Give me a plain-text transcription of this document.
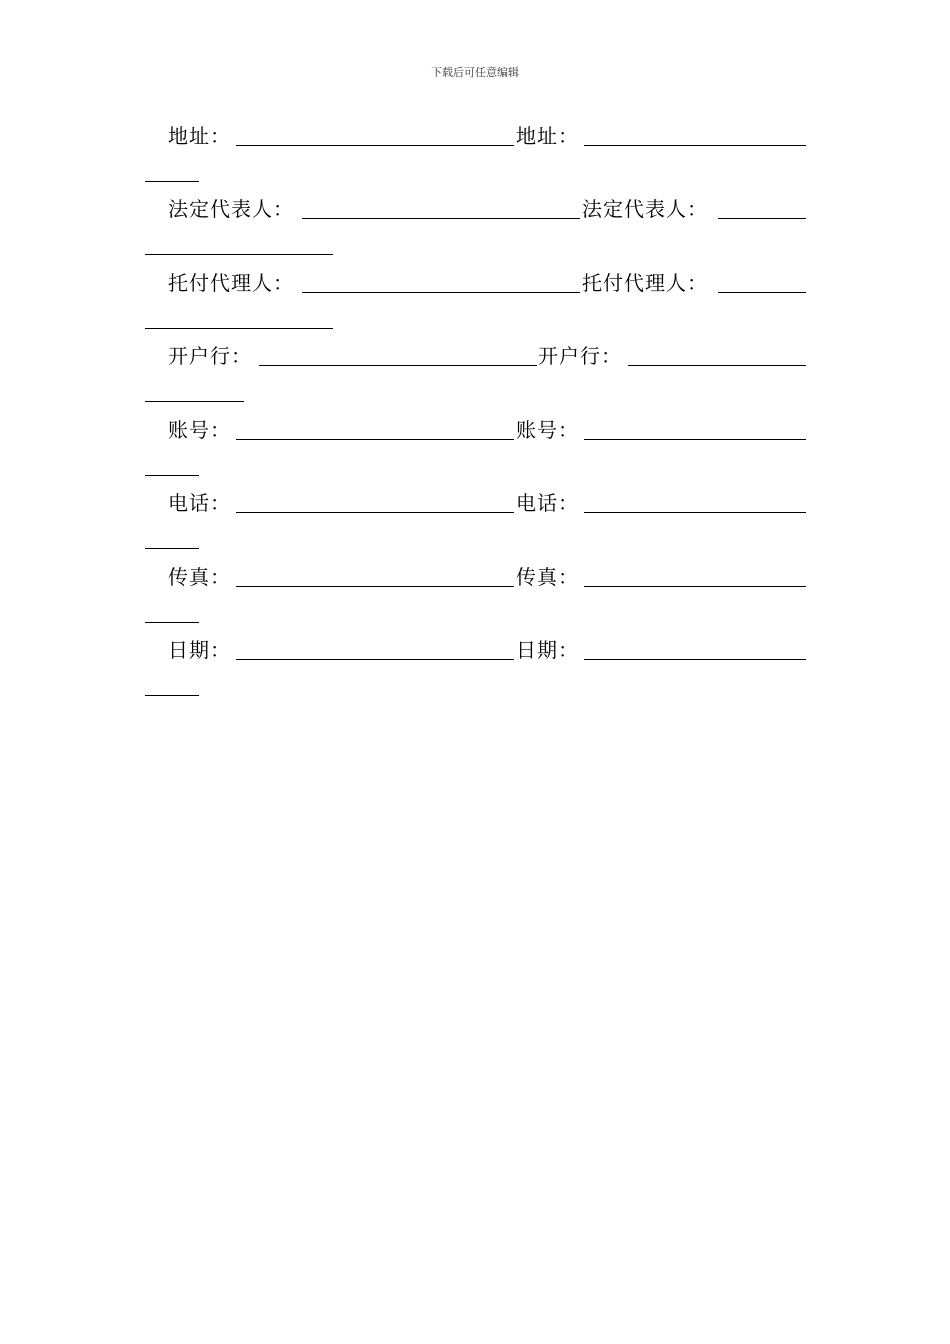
下载后可任意编辑
地址：	地址：
法定代表人：	法定代表人：
托付代理人：	托付代理人：
开户行：	开户行：
账号：	账号：
电话：	电话：
传真：	传真：
日期：	日期：
